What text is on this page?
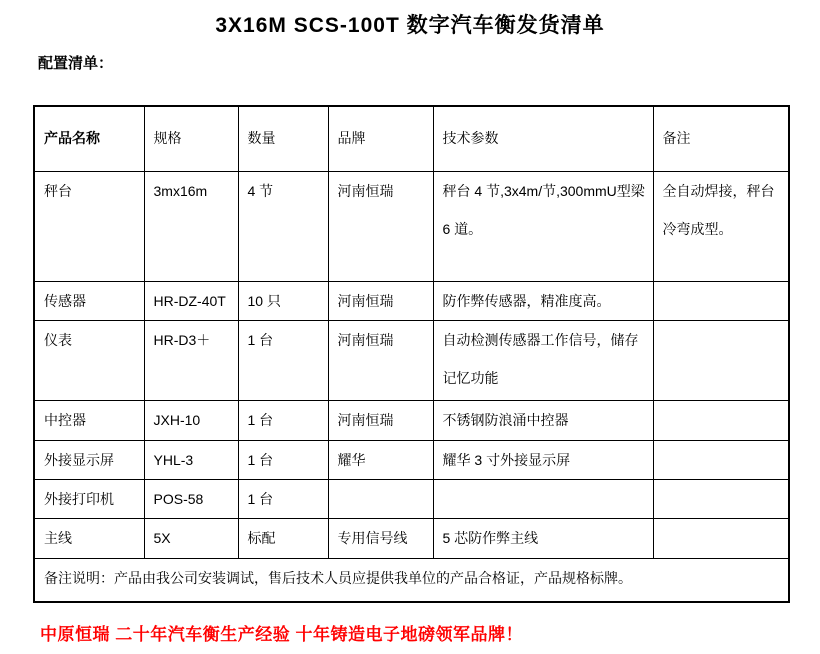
3X16M SCS-100T 数字汽车衡发货清单
配置清单：
产品名称	规格	数量	品牌	技术参数	备注
秤台	3mx16m	4 节	河南恒瑞	秤台 4 节,3x4m/节,300mmU型梁 6 道。	全自动焊接，秤台冷弯成型。
传感器	HR-DZ-40T	10 只	河南恒瑞	防作弊传感器，精准度高。	
仪表	HR-D3＋	1 台	河南恒瑞	自动检测传感器工作信号，储存记忆功能	
中控器	JXH-10	1 台	河南恒瑞	不锈钢防浪涌中控器	
外接显示屏	YHL-3	1 台	耀华	耀华 3 寸外接显示屏	
外接打印机	POS-58	1 台			
主线	5X	标配	专用信号线	5 芯防作弊主线	
备注说明：产品由我公司安装调试，售后技术人员应提供我单位的产品合格证，产品规格标牌。					
中原恒瑞 二十年汽车衡生产经验 十年铸造电子地磅领军品牌！
